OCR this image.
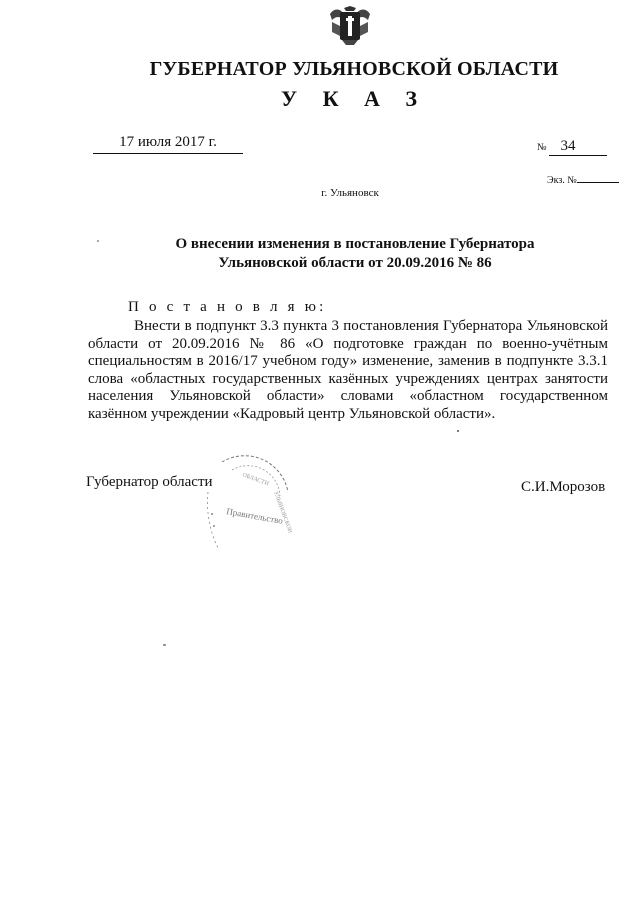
ГУБЕРНАТОР УЛЬЯНОВСКОЙ ОБЛАСТИ
У К А З
17 июля 2017 г.	№ 34
Экз. №
г. Ульяновск
О внесении изменения в постановление Губернатора
Ульяновской области от 20.09.2016 № 86
П о с т а н о в л я ю:
Внести в подпункт 3.3 пункта 3 постановления Губернатора Ульяновской области от 20.09.2016 № 86 «О подготовке граждан по военно-учётным специальностям в 2016/17 учебном году» изменение, заменив в подпункте 3.3.1 слова «областных государственных казённых учреждениях центрах занятости населения Ульяновской области» словами «областном государственном казённом учреждении «Кадровый центр Ульяновской области».
Губернатор области
Правительство
ОБЛАСТИ
УЛЬЯНОВСКОЙ
С.И.Морозов
